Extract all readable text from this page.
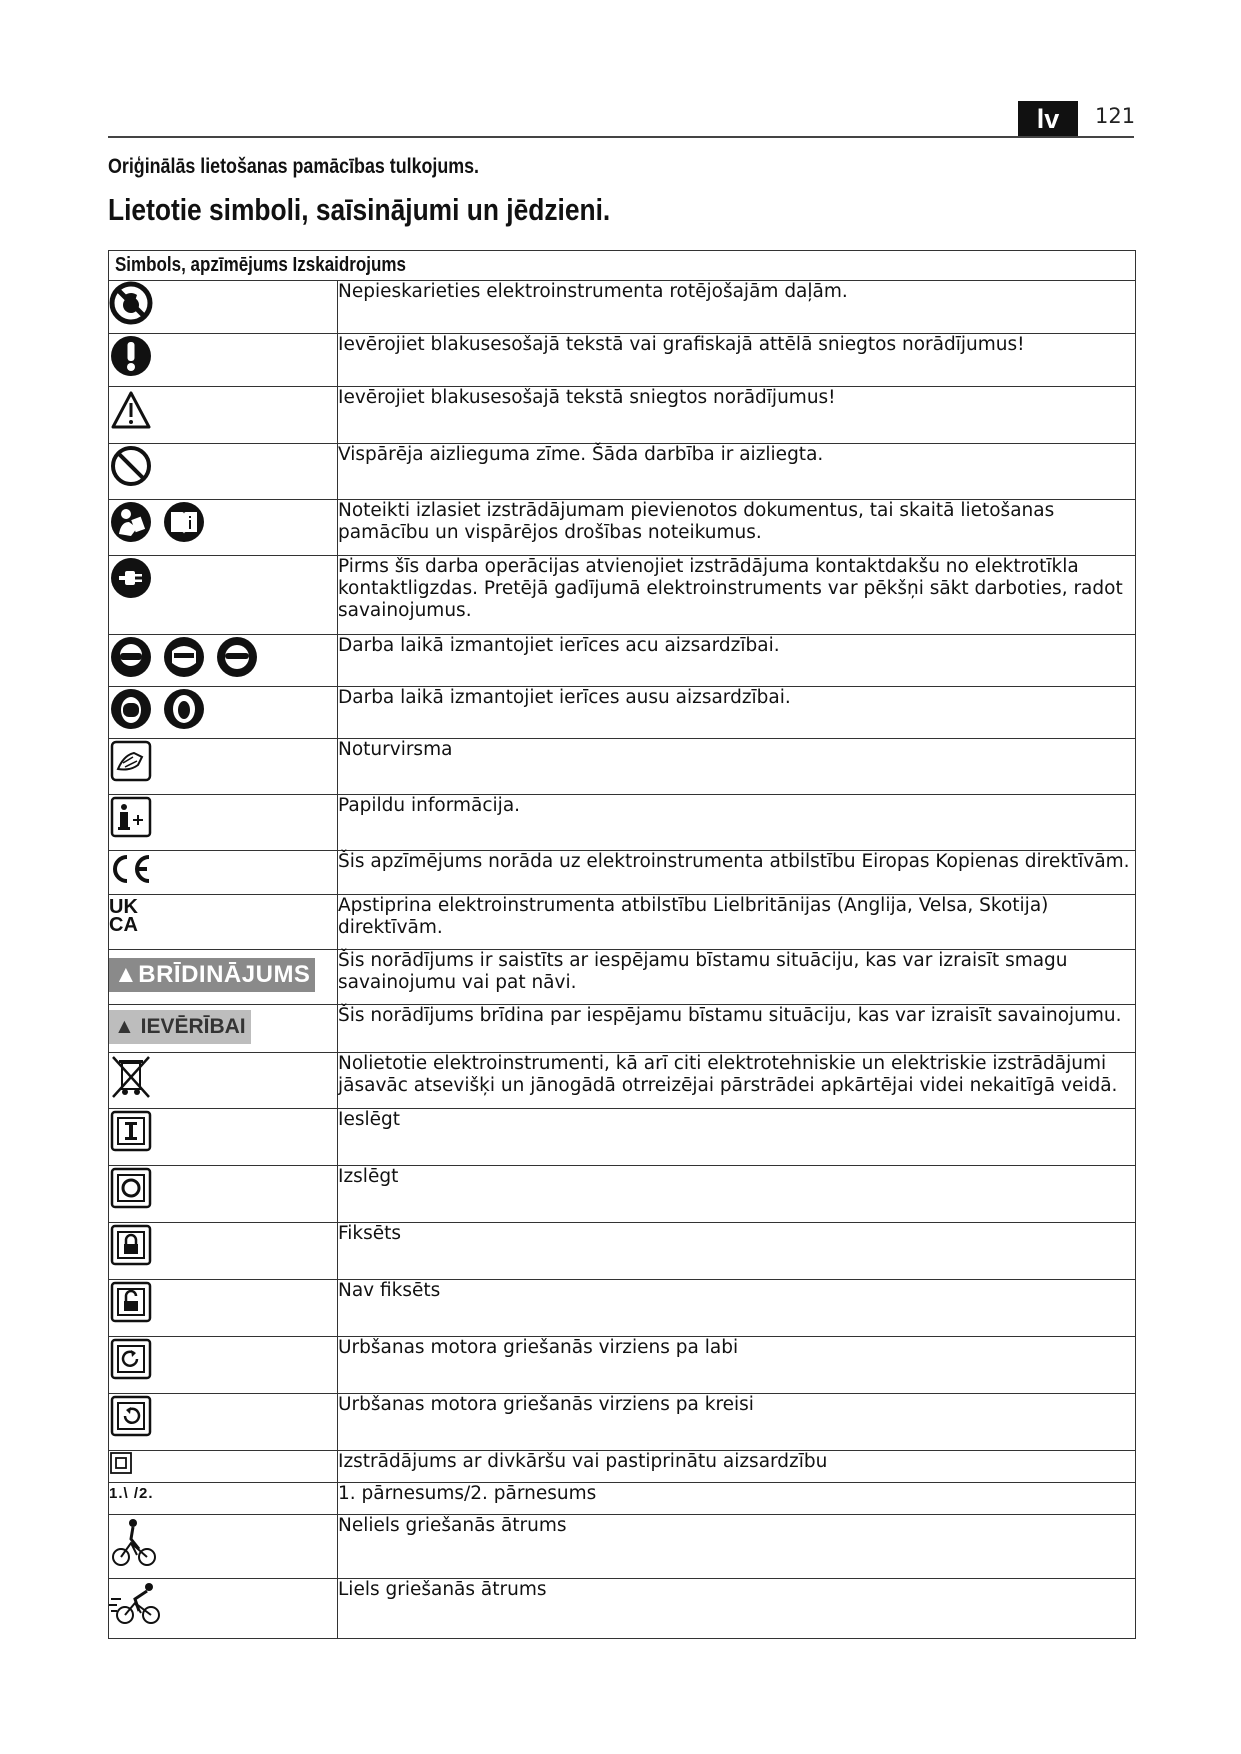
lv	121
Oriģinālās lietošanas pamācības tulkojums.
Lietotie simboli, saīsinājumi un jēdzieni.
Simbols, apzīmējums Izskaidrojums	

	Nepieskarieties elektroinstrumenta rotējošajām daļām.

	Ievērojiet blakusesošajā tekstā vai grafiskajā attēlā sniegtos norādījumus!

	Ievērojiet blakusesošajā tekstā sniegtos norādījumus!

	Vispārēja aizlieguma zīme. Šāda darbība ir aizliegta.

	Noteikti izlasiet izstrādājumam pievienotos dokumentus, tai skaitā lietošanas pamācību un vispārējos drošības noteikumus.

	Pirms šīs darba operācijas atvienojiet izstrādājuma kontaktdakšu no elektrotīkla kontaktligzdas. Pretējā gadījumā elektroinstruments var pēkšņi sākt darboties, radot savainojumus.

	Darba laikā izmantojiet ierīces acu aizsardzībai.

	Darba laikā izmantojiet ierīces ausu aizsardzībai.

	Noturvirsma

	Papildu informācija.

	Šis apzīmējums norāda uz elektroinstrumenta atbilstību Eiropas Kopienas direktīvām.
UK
CA	Apstiprina elektroinstrumenta atbilstību Lielbritānijas (Anglija, Velsa, Skotija) direktīvām.
▲BRĪDINĀJUMS	Šis norādījums ir saistīts ar iespējamu bīstamu situāciju, kas var izraisīt smagu savainojumu vai pat nāvi.
▲ IEVĒRĪBAI	Šis norādījums brīdina par iespējamu bīstamu situāciju, kas var izraisīt savainojumu.

	Nolietotie elektroinstrumenti, kā arī citi elektrotehniskie un elektriskie izstrādājumi jāsavāc atsevišķi un jānogādā otrreizējai pārstrādei apkārtējai videi nekaitīgā veidā.

	Ieslēgt

	Izslēgt

	Fiksēts

	Nav fiksēts

	Urbšanas motora griešanās virziens pa labi

	Urbšanas motora griešanās virziens pa kreisi

	Izstrādājums ar divkāršu vai pastiprinātu aizsardzību
1.\ /2.	1. pārnesums/2. pārnesums

	Neliels griešanās ātrums

	Liels griešanās ātrums
